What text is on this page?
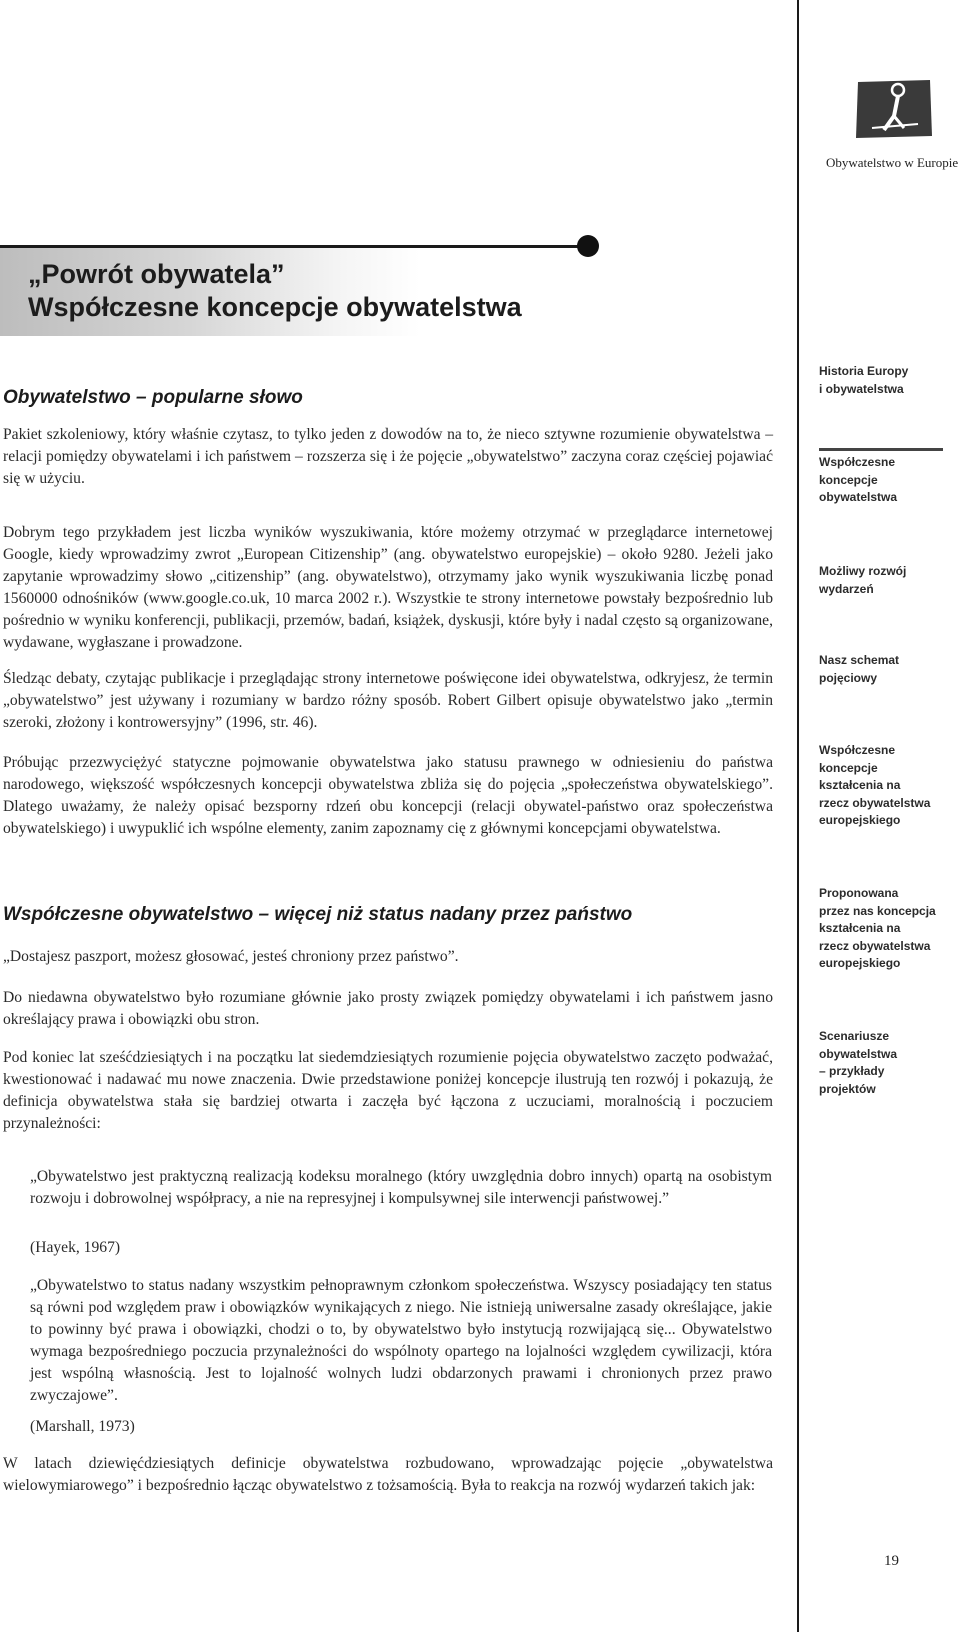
Obywatelstwo w Europie
„Powrót obywatela”
Współczesne koncepcje obywatelstwa
Obywatelstwo – popularne słowo

Pakiet szkoleniowy, który właśnie czytasz, to tylko jeden z dowodów na to, że nieco sztywne rozumienie obywatelstwa – relacji pomiędzy obywatelami i ich państwem – rozszerza się i że pojęcie „obywatelstwo” zaczyna coraz częściej pojawiać się w użyciu.

Dobrym tego przykładem jest liczba wyników wyszukiwania, które możemy otrzymać w przeglądarce internetowej Google, kiedy wprowadzimy zwrot „European Citizenship” (ang. obywatelstwo europejskie) – około 9280. Jeżeli jako zapytanie wprowadzimy słowo „citizenship” (ang. obywatelstwo), otrzymamy jako wynik wyszukiwania liczbę ponad 1560000 odnośników (www.google.co.uk, 10 marca 2002 r.). Wszystkie te strony internetowe powstały bezpośrednio lub pośrednio w wyniku konferencji, publikacji, przemów, badań, książek, dyskusji, które były i nadal często są organizowane, wydawane, wygłaszane i prowadzone.

Śledząc debaty, czytając publikacje i przeglądając strony internetowe poświęcone idei obywatelstwa, odkryjesz, że termin „obywatelstwo” jest używany i rozumiany w bardzo różny sposób. Robert Gilbert opisuje obywatelstwo jako „termin szeroki, złożony i kontrowersyjny” (1996, str. 46).

Próbując przezwyciężyć statyczne pojmowanie obywatelstwa jako statusu prawnego w odniesieniu do państwa narodowego, większość współczesnych koncepcji obywatelstwa zbliża się do pojęcia „społeczeństwa obywatelskiego”. Dlatego uważamy, że należy opisać bezsporny rdzeń obu koncepcji (relacji obywatel-państwo oraz społeczeństwa obywatelskiego) i uwypuklić ich wspólne elementy, zanim zapoznamy cię z głównymi koncepcjami obywatelstwa.

Współczesne obywatelstwo – więcej niż status nadany przez państwo

„Dostajesz paszport, możesz głosować, jesteś chroniony przez państwo”.

Do niedawna obywatelstwo było rozumiane głównie jako prosty związek pomiędzy obywatelami i ich państwem jasno określający prawa i obowiązki obu stron.

Pod koniec lat sześćdziesiątych i na początku lat siedemdziesiątych rozumienie pojęcia obywatelstwo zaczęto podważać, kwestionować i nadawać mu nowe znaczenia. Dwie przedstawione poniżej koncepcje ilustrują ten rozwój i pokazują, że definicja obywatelstwa stała się bardziej otwarta i zaczęła być łączona z uczuciami, moralnością i poczuciem przynależności:

„Obywatelstwo jest praktyczną realizacją kodeksu moralnego (który uwzględnia dobro innych) opartą na osobistym rozwoju i dobrowolnej współpracy, a nie na represyjnej i kompulsywnej sile interwencji państwowej.”
(Hayek, 1967)
„Obywatelstwo to status nadany wszystkim pełnoprawnym członkom społeczeństwa. Wszyscy posiadający ten status są równi pod względem praw i obowiązków wynikających z niego. Nie istnieją uniwersalne zasady określające, jakie to powinny być prawa i obowiązki, chodzi o to, by obywatelstwo było instytucją rozwijającą się... Obywatelstwo wymaga bezpośredniego poczucia przynależności do wspólnoty opartego na lojalności względem cywilizacji, która jest wspólną własnością. Jest to lojalność wolnych ludzi obdarzonych prawami i chronionych przez prawo zwyczajowe”.
(Marshall, 1973)

W latach dziewięćdziesiątych definicje obywatelstwa rozbudowano, wprowadzając pojęcie „obywatelstwa wielowymiarowego” i bezpośrednio łącząc obywatelstwo z tożsamością. Była to reakcja na rozwój wydarzeń takich jak:

Historia Europy
i obywatelstwa
Współczesne
koncepcje
obywatelstwa
Możliwy rozwój
wydarzeń
Nasz schemat
pojęciowy
Współczesne
koncepcje
kształcenia na
rzecz obywatelstwa
europejskiego
Proponowana
przez nas koncepcja
kształcenia na
rzecz obywatelstwa
europejskiego
Scenariusze
obywatelstwa
– przykłady
projektów
19
